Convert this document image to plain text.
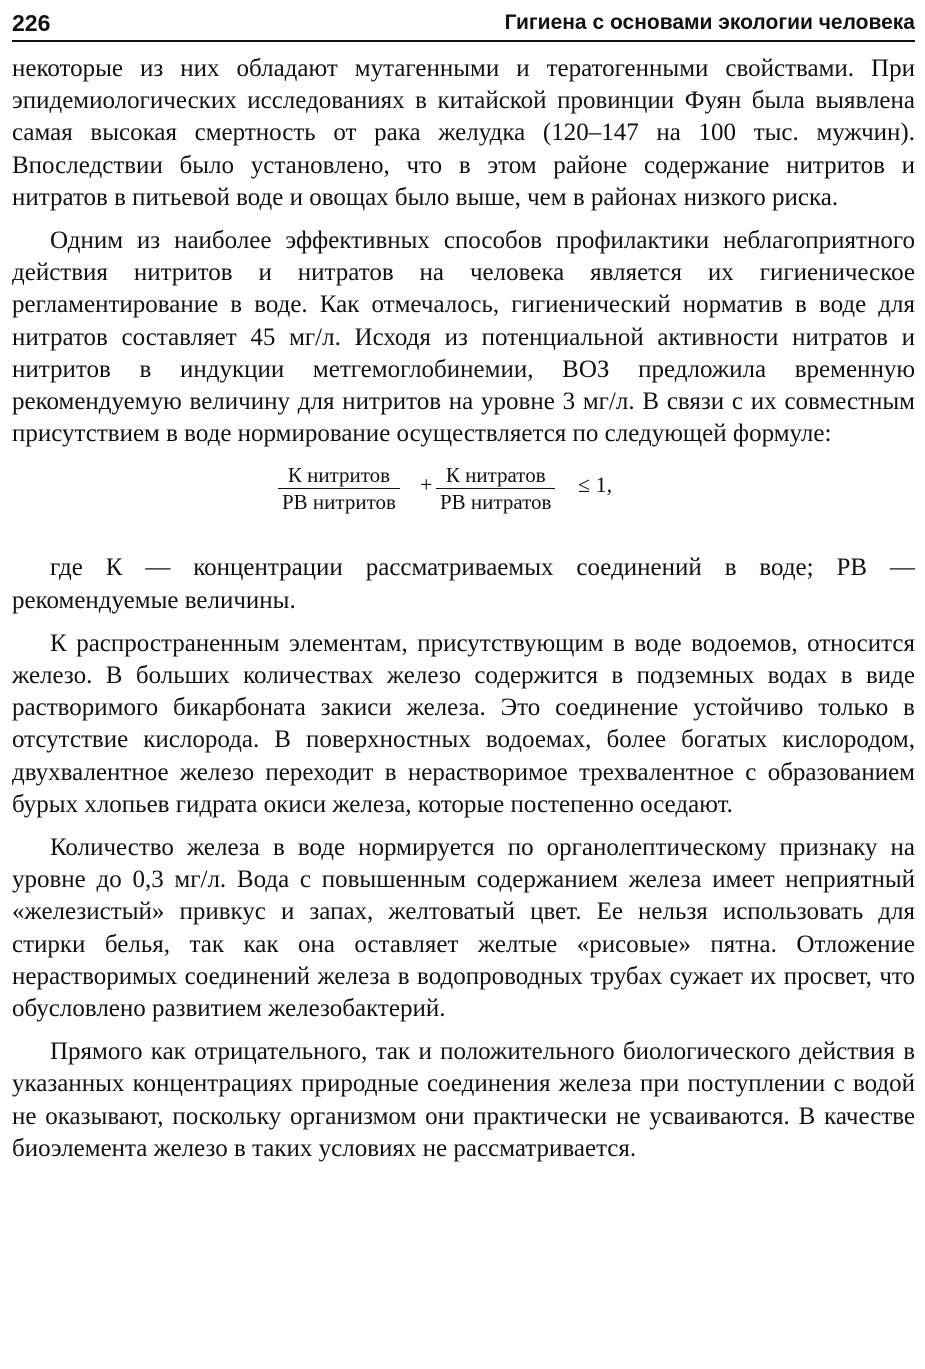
226	Гигиена с основами экологии человека

некоторые из них обладают мутагенными и тератогенными свойствами. При эпидемиологических исследованиях в китайской провинции Фуян была выявлена самая высокая смертность от рака желудка (120–147 на 100 тыс. мужчин). Впоследствии было установлено, что в этом районе содержание нитритов и нитратов в питьевой воде и овощах было выше, чем в районах низкого риска.

Одним из наиболее эффективных способов профилактики неблагоприятного действия нитритов и нитратов на человека является их гигиеническое регламентирование в воде. Как отмечалось, гигиенический норматив в воде для нитратов составляет 45 мг/л. Исходя из потенциальной активности нитратов и нитритов в индукции метгемоглобинемии, ВОЗ предложила временную рекомендуемую величину для нитритов на уровне 3 мг/л. В связи с их совместным присутствием в воде нормирование осуществляется по следующей формуле:

К нитритов
РВ нитритов
+ К нитратов
РВ нитратов
≤ 1,

где К — концентрации рассматриваемых соединений в воде; РВ — рекомендуемые величины.

К распространенным элементам, присутствующим в воде водоемов, относится железо. В больших количествах железо содержится в подземных водах в виде растворимого бикарбоната закиси железа. Это соединение устойчиво только в отсутствие кислорода. В поверхностных водоемах, более богатых кислородом, двухвалентное железо переходит в нерастворимое трехвалентное с образованием бурых хлопьев гидрата окиси железа, которые постепенно оседают.

Количество железа в воде нормируется по органолептическому признаку на уровне до 0,3 мг/л. Вода с повышенным содержанием железа имеет неприятный «железистый» привкус и запах, желтоватый цвет. Ее нельзя использовать для стирки белья, так как она оставляет желтые «рисовые» пятна. Отложение нерастворимых соединений железа в водопроводных трубах сужает их просвет, что обусловлено развитием железобактерий.

Прямого как отрицательного, так и положительного биологического действия в указанных концентрациях природные соединения железа при поступлении с водой не оказывают, поскольку организмом они практически не усваиваются. В качестве биоэлемента железо в таких условиях не рассматривается.
